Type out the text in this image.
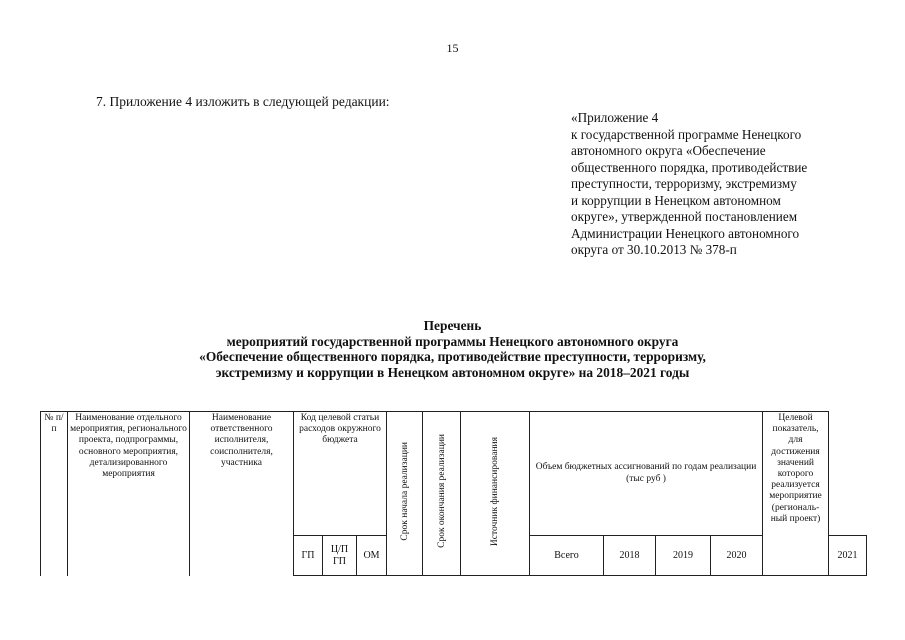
15
7. Приложение 4 изложить в следующей редакции:
«Приложение 4
к государственной программе Ненецкого
автономного округа «Обеспечение
общественного порядка, противодействие
преступности, терроризму, экстремизму
и коррупции в Ненецком автономном
округе», утвержденной постановлением
Администрации Ненецкого автономного
округа от 30.10.2013 № 378-п
Перечень
мероприятий государственной программы Ненецкого автономного округа
«Обеспечение общественного порядка, противодействие преступности, терроризму,
экстремизму и коррупции в Ненецком автономном округе» на 2018–2021 годы
№ п/п	Наименование отдельного мероприятия, регионального проекта, подпрограммы, основного мероприятия, детализированного мероприятия	Наименование ответственного исполнителя, соисполнителя, участника	Код целевой статьи расходов окружного бюджета			Срок начала реализации	Срок окончания реализации	Источник финансирования	Объем бюджетных ассигнований по годам реализации (тыс руб )				Целевой показатель, для достижения значений которого реализуется мероприятие (региональ-ный проект)	
			ГП	Ц/П ГП	ОМ				Всего	2018	2019	2020		2021
